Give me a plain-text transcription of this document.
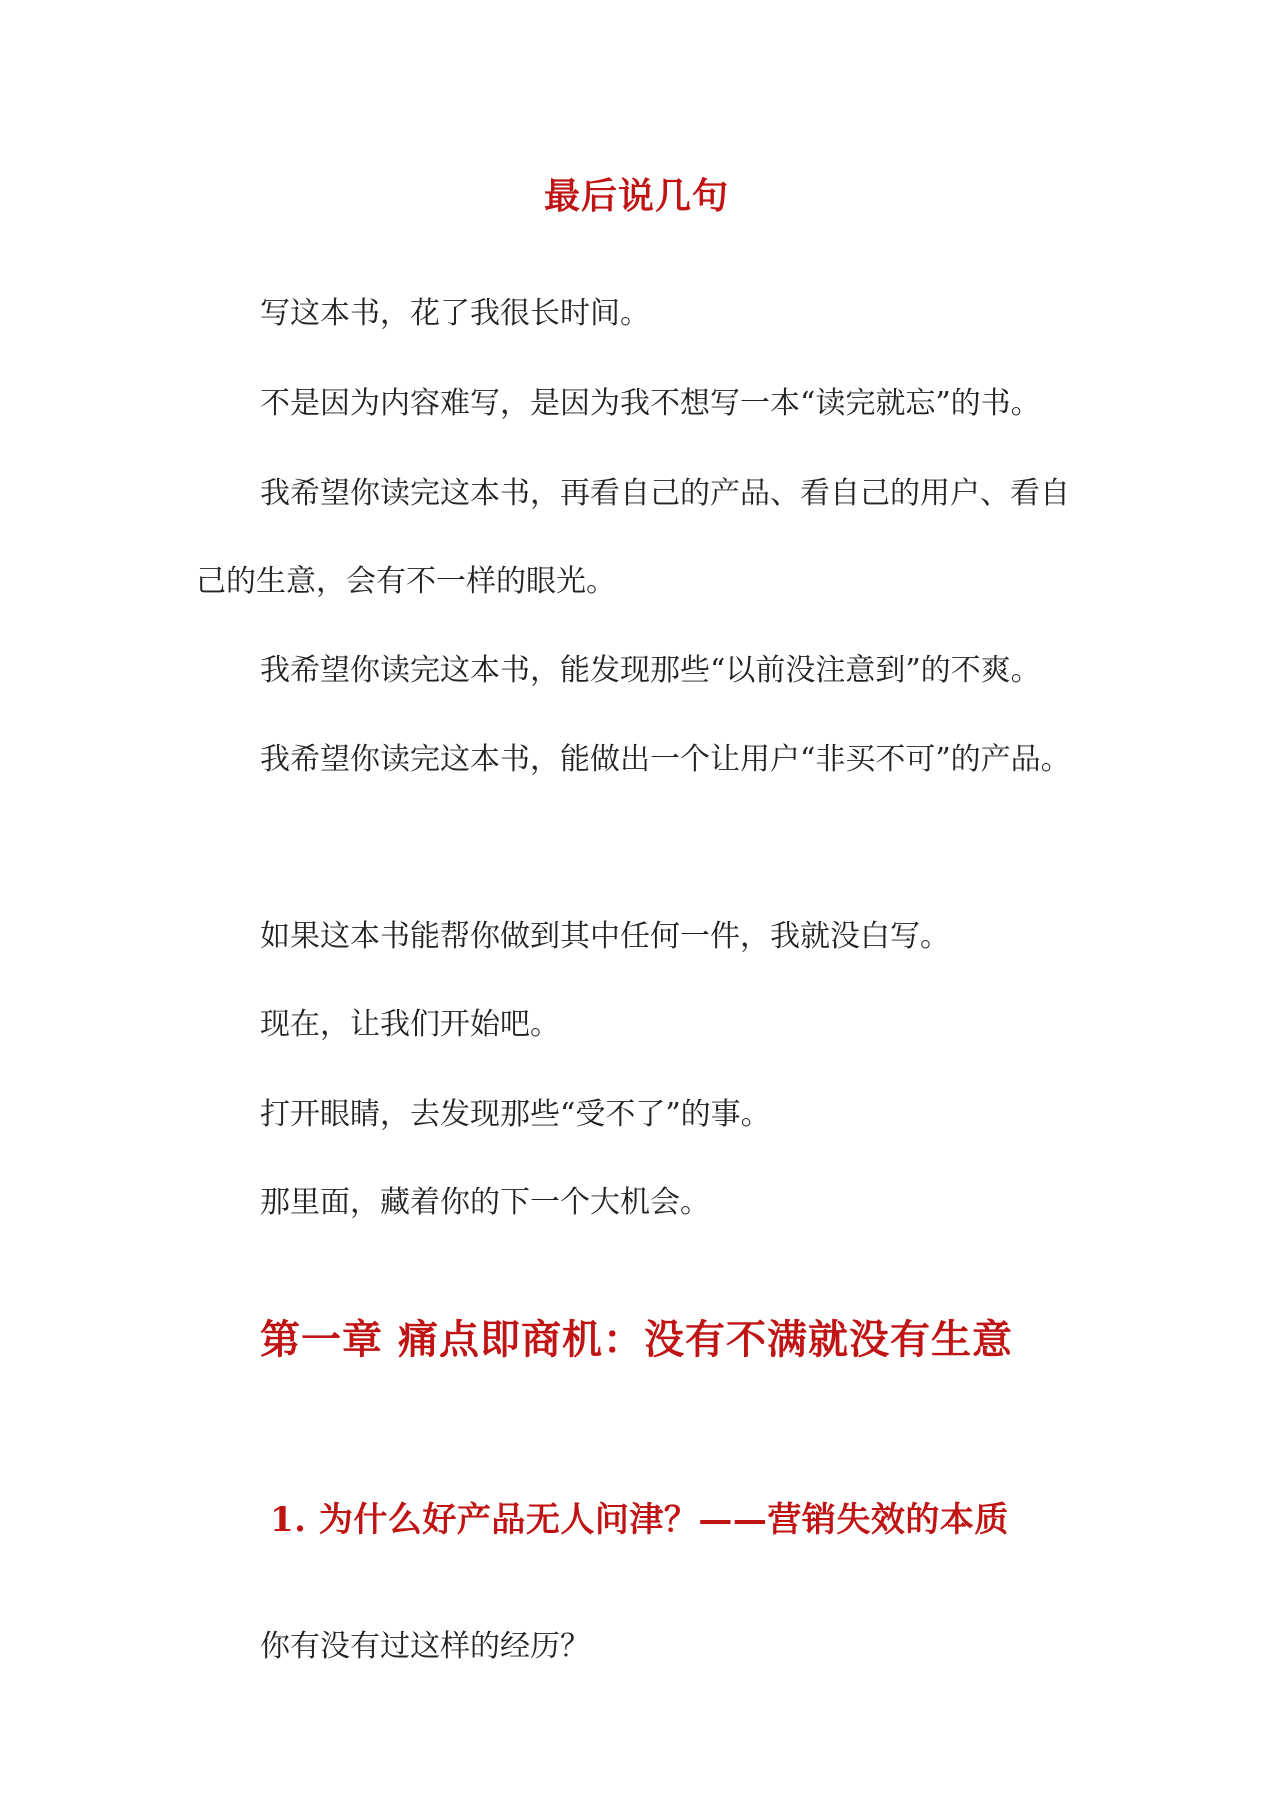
最后说几句

写这本书，花了我很长时间。

不是因为内容难写，是因为我不想写一本“读完就忘”的书。

我希望你读完这本书，再看自己的产品、看自己的用户、看自己的生意，会有不一样的眼光。

我希望你读完这本书，能发现那些“以前没注意到”的不爽。

我希望你读完这本书，能做出一个让用户“非买不可”的产品。

如果这本书能帮你做到其中任何一件，我就没白写。

现在，让我们开始吧。

打开眼睛，去发现那些“受不了”的事。

那里面，藏着你的下一个大机会。

第一章 痛点即商机：没有不满就没有生意
1. 为什么好产品无人问津？——营销失效的本质

你有没有过这样的经历？
